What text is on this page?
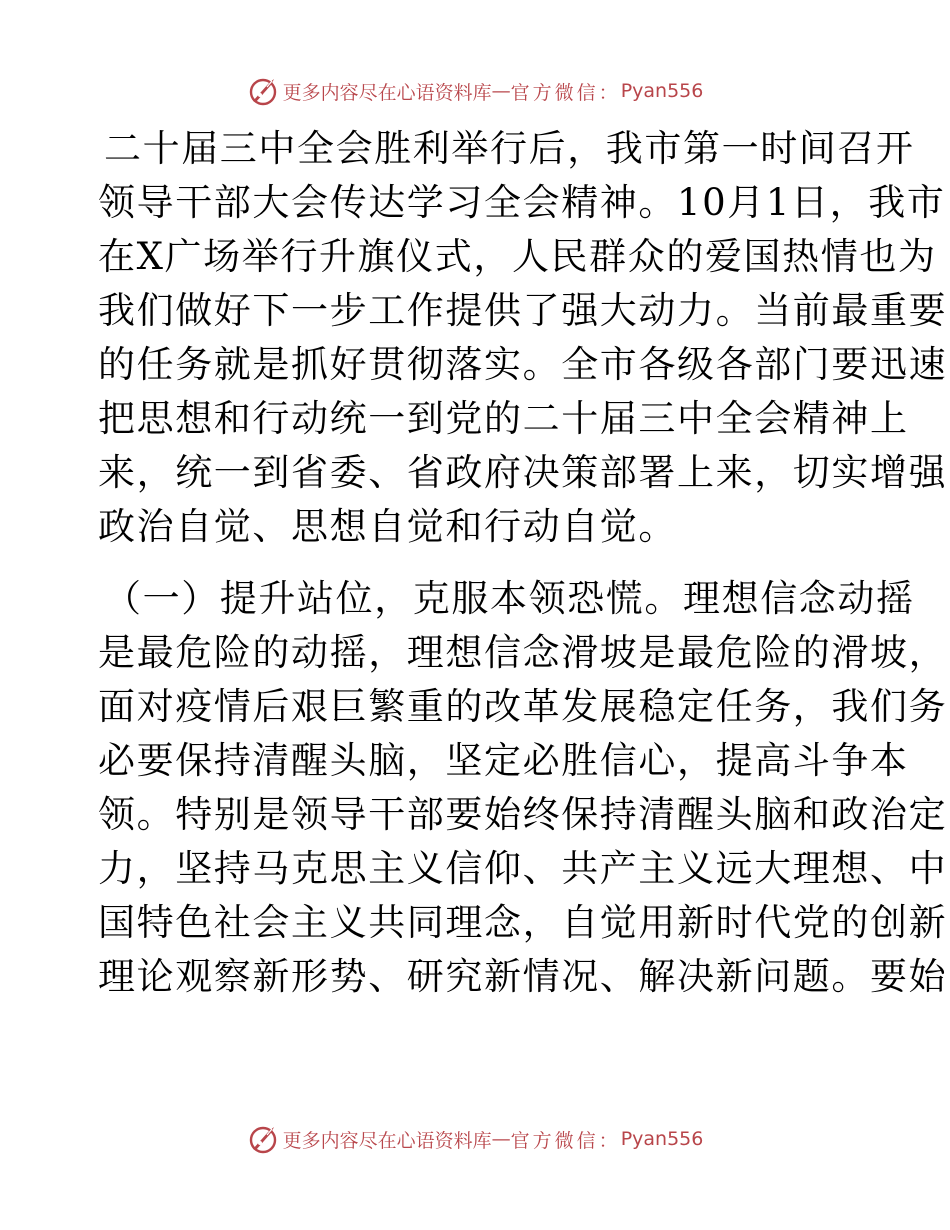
更多内容尽在心语资料库 — 官方微信： Pyan556
二十届三中全会胜利举行后，我市第一时间召开
领导干部大会传达学习全会精神。10月1日，我市
在X广场举行升旗仪式，人民群众的爱国热情也为
我们做好下一步工作提供了强大动力。当前最重要
的任务就是抓好贯彻落实。全市各级各部门要迅速
把思想和行动统一到党的二十届三中全会精神上
来，统一到省委、省政府决策部署上来，切实增强
政治自觉、思想自觉和行动自觉。
（一）提升站位，克服本领恐慌。理想信念动摇
是最危险的动摇，理想信念滑坡是最危险的滑坡，
面对疫情后艰巨繁重的改革发展稳定任务，我们务
必要保持清醒头脑，坚定必胜信心，提高斗争本
领。特别是领导干部要始终保持清醒头脑和政治定
力，坚持马克思主义信仰、共产主义远大理想、中
国特色社会主义共同理念，自觉用新时代党的创新
理论观察新形势、研究新情况、解决新问题。要始
更多内容尽在心语资料库 — 官方微信： Pyan556
